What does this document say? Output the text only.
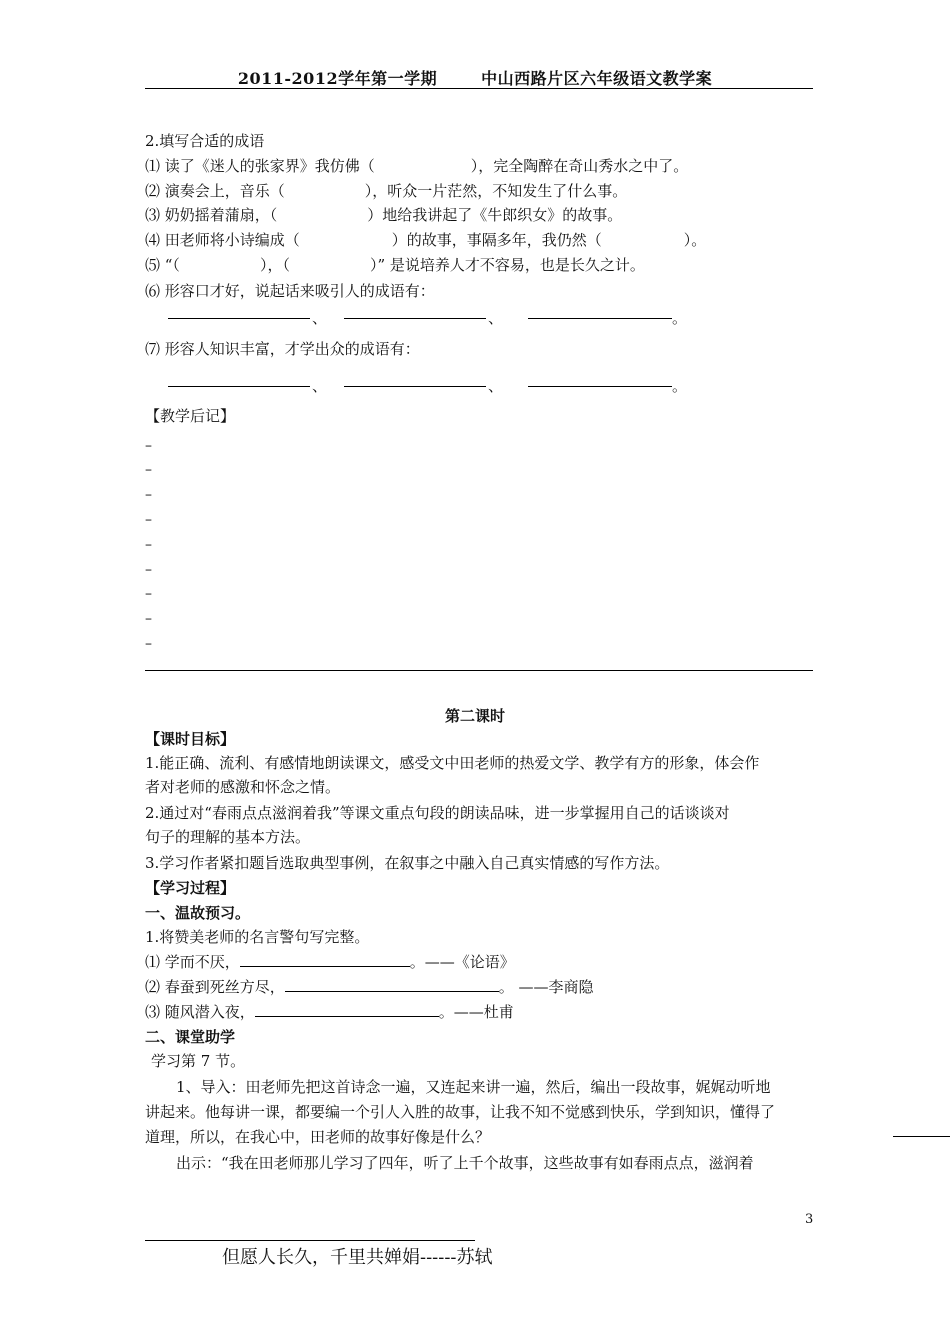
2011-2012学年第一学期	中山西路片区六年级语文教学案
2.填写合适的成语
⑴ 读了《迷人的张家界》我仿佛（	），完全陶醉在奇山秀水之中了。
⑵ 演奏会上，音乐（	），听众一片茫然，不知发生了什么事。
⑶ 奶奶摇着蒲扇，（	）地给我讲起了《牛郎织女》的故事。
⑷ 田老师将小诗编成（	）的故事，事隔多年，我仍然（	）。
⑸ “（	），（	）” 是说培养人才不容易，也是长久之计。
⑹ 形容口才好，说起话来吸引人的成语有：
、	、	。
⑺ 形容人知识丰富，才学出众的成语有：
、	、	。
【教学后记】
–
–
–
–
–
–
–
–
–
第二课时
【课时目标】
1.能正确、流利、有感情地朗读课文，感受文中田老师的热爱文学、教学有方的形象，体会作
者对老师的感激和怀念之情。
2.通过对“春雨点点滋润着我”等课文重点句段的朗读品味，进一步掌握用自己的话谈谈对
句子的理解的基本方法。
3.学习作者紧扣题旨选取典型事例，在叙事之中融入自己真实情感的写作方法。
【学习过程】
一、温故预习。
1.将赞美老师的名言警句写完整。
⑴ 学而不厌，	。——《论语》
⑵ 春蚕到死丝方尽，	。 ——李商隐
⑶ 随风潜入夜，	。——杜甫
二、课堂助学
学习第 7 节。
1、导入：田老师先把这首诗念一遍，又连起来讲一遍，然后，编出一段故事，娓娓动听地
讲起来。他每讲一课，都要编一个引人入胜的故事，让我不知不觉感到快乐，学到知识，懂得了
道理，所以，在我心中，田老师的故事好像是什么？
出示：“我在田老师那儿学习了四年，听了上千个故事，这些故事有如春雨点点，滋润着
3
但愿人长久，千里共婵娟------苏轼
